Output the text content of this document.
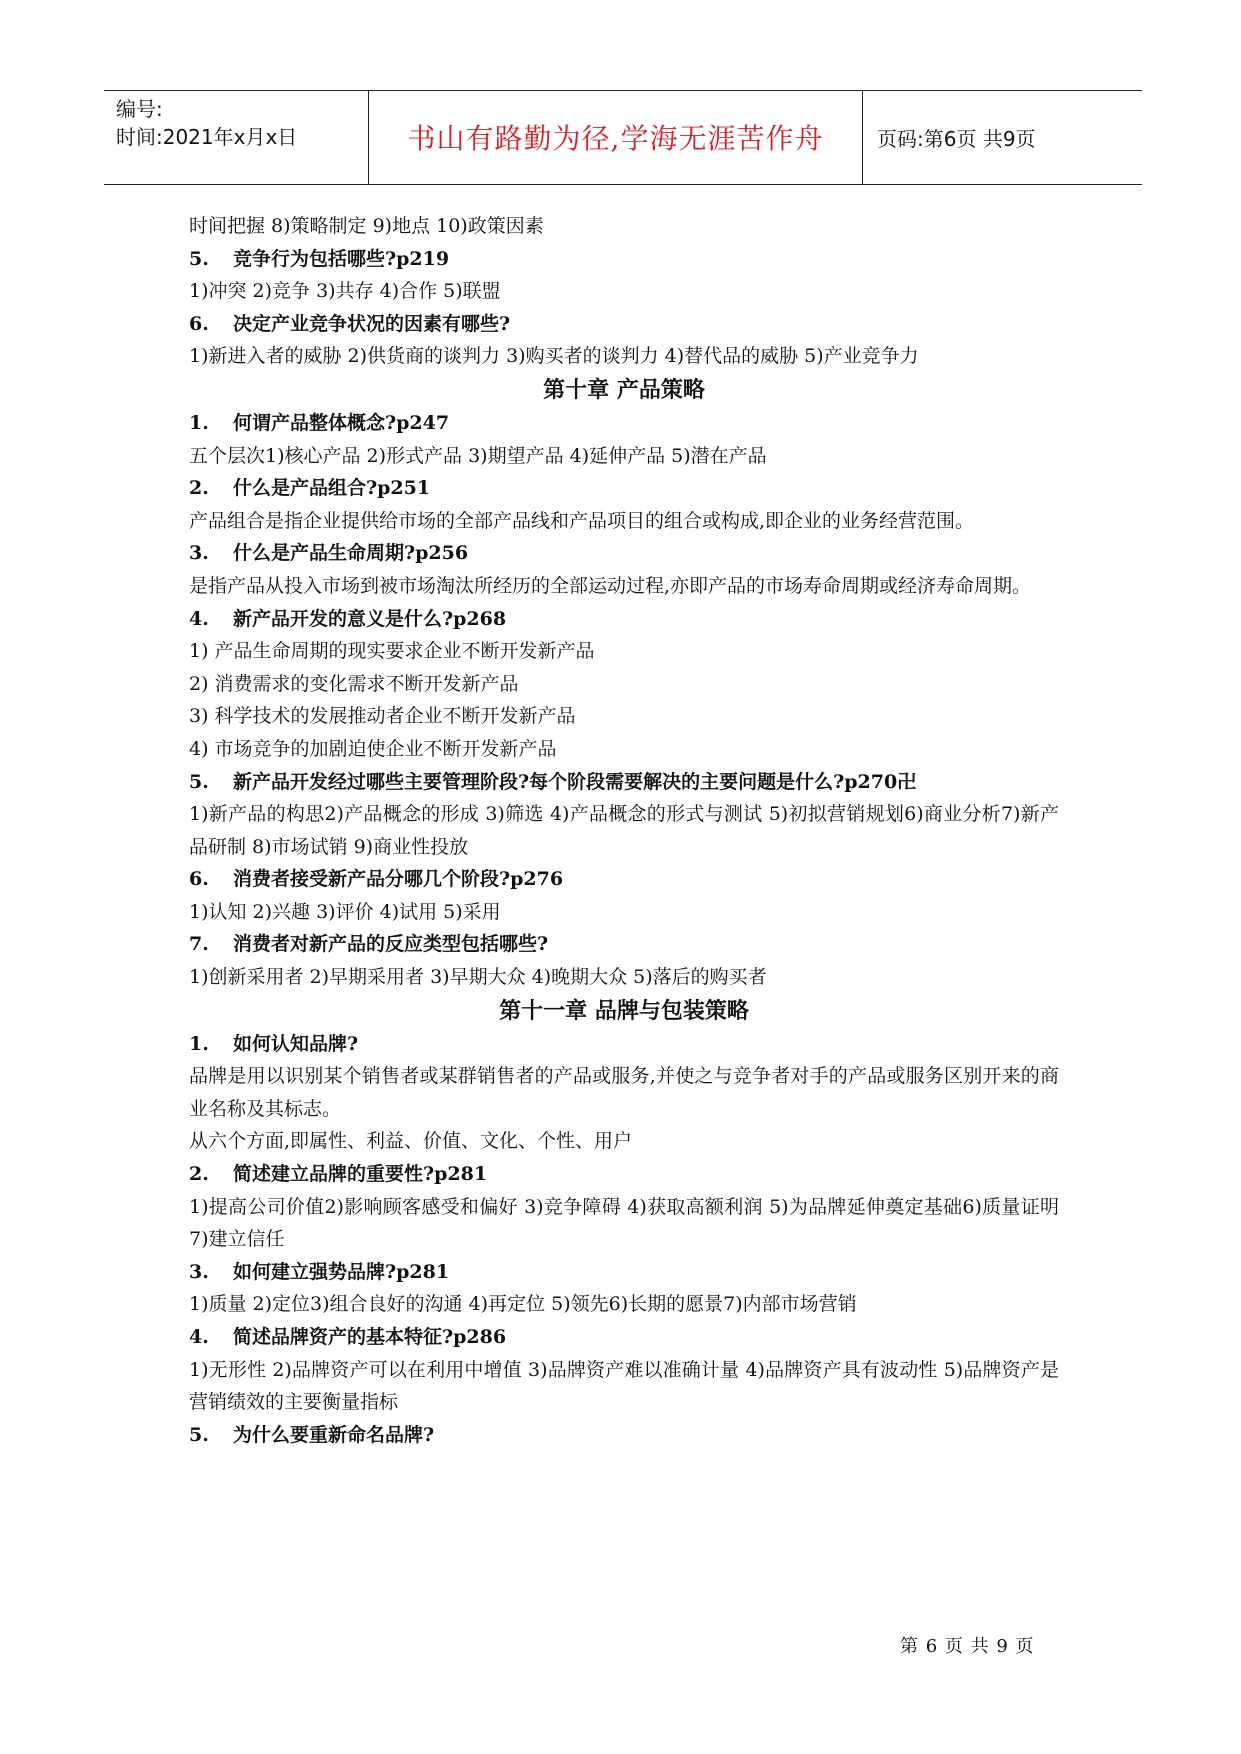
编号:
时间:2021年x月x日	书山有路勤为径,学海无涯苦作舟	页码:第6页 共9页
时间把握 8)策略制定 9)地点 10)政策因素
5. 竞争行为包括哪些?p219
1)冲突 2)竞争 3)共存 4)合作 5)联盟
6. 决定产业竞争状况的因素有哪些?
1)新进入者的威胁 2)供货商的谈判力 3)购买者的谈判力 4)替代品的威胁 5)产业竞争力
第十章 产品策略
1. 何谓产品整体概念?p247
五个层次1)核心产品 2)形式产品 3)期望产品 4)延伸产品 5)潜在产品
2. 什么是产品组合?p251
产品组合是指企业提供给市场的全部产品线和产品项目的组合或构成,即企业的业务经营范围。
3. 什么是产品生命周期?p256
是指产品从投入市场到被市场淘汰所经历的全部运动过程,亦即产品的市场寿命周期或经济寿命周期。
4. 新产品开发的意义是什么?p268
1) 产品生命周期的现实要求企业不断开发新产品
2) 消费需求的变化需求不断开发新产品
3) 科学技术的发展推动者企业不断开发新产品
4) 市场竞争的加剧迫使企业不断开发新产品
5. 新产品开发经过哪些主要管理阶段?每个阶段需要解决的主要问题是什么?p270卍
1)新产品的构思2)产品概念的形成 3)筛选 4)产品概念的形式与测试 5)初拟营销规划6)商业分析7)新产品研制 8)市场试销 9)商业性投放
6. 消费者接受新产品分哪几个阶段?p276
1)认知 2)兴趣 3)评价 4)试用 5)采用
7. 消费者对新产品的反应类型包括哪些?
1)创新采用者 2)早期采用者 3)早期大众 4)晚期大众 5)落后的购买者
第十一章 品牌与包装策略
1. 如何认知品牌?
品牌是用以识别某个销售者或某群销售者的产品或服务,并使之与竞争者对手的产品或服务区别开来的商业名称及其标志。
从六个方面,即属性、利益、价值、文化、个性、用户
2. 简述建立品牌的重要性?p281
1)提高公司价值2)影响顾客感受和偏好 3)竞争障碍 4)获取高额利润 5)为品牌延伸奠定基础6)质量证明 7)建立信任
3. 如何建立强势品牌?p281
1)质量 2)定位3)组合良好的沟通 4)再定位 5)领先6)长期的愿景7)内部市场营销
4. 简述品牌资产的基本特征?p286
1)无形性 2)品牌资产可以在利用中增值 3)品牌资产难以准确计量 4)品牌资产具有波动性 5)品牌资产是营销绩效的主要衡量指标
5. 为什么要重新命名品牌?
第 6 页 共 9 页
